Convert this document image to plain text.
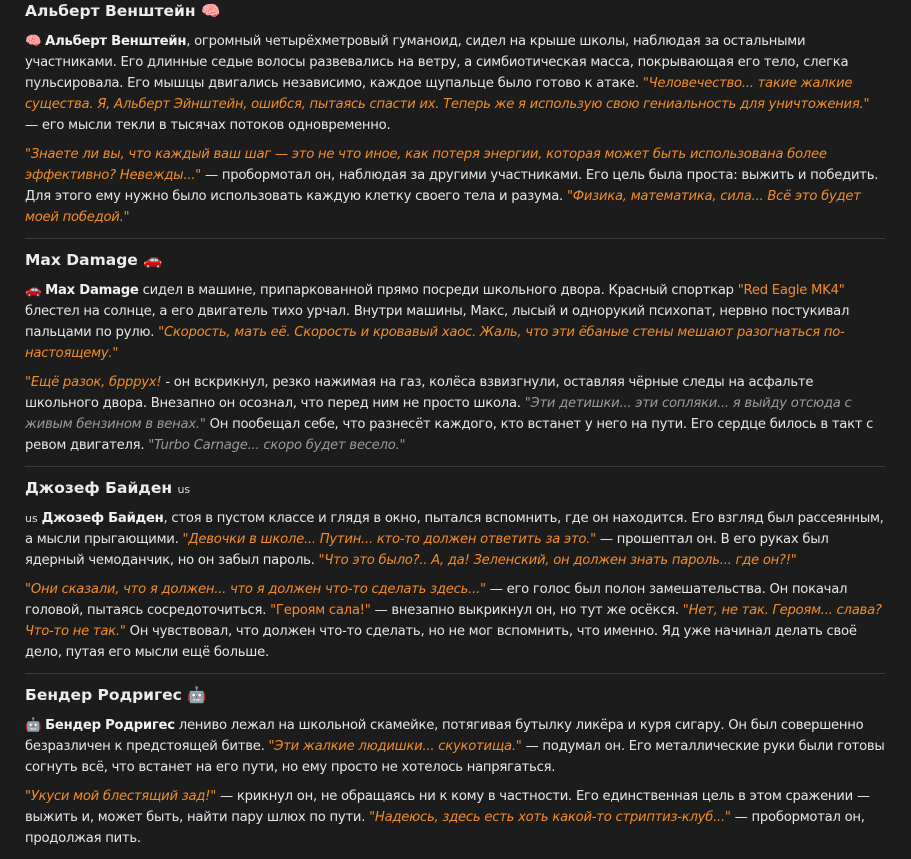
Альберт Венштейн 🧠

🧠 Альберт Венштейн, огромный четырёхметровый гуманоид, сидел на крыше школы, наблюдая за остальными участниками. Его длинные седые волосы развевались на ветру, а симбиотическая масса, покрывающая его тело, слегка пульсировала. Его мышцы двигались независимо, каждое щупальце было готово к атаке. "Человечество... такие жалкие существа. Я, Альберт Эйнштейн, ошибся, пытаясь спасти их. Теперь же я использую свою гениальность для уничтожения." — его мысли текли в тысячах потоков одновременно.

"Знаете ли вы, что каждый ваш шаг — это не что иное, как потеря энергии, которая может быть использована более эффективно? Невежды..." — пробормотал он, наблюдая за другими участниками. Его цель была проста: выжить и победить. Для этого ему нужно было использовать каждую клетку своего тела и разума. "Физика, математика, сила... Всё это будет моей победой."

Max Damage 🚗

🚗 Max Damage сидел в машине, припаркованной прямо посреди школьного двора. Красный спорткар "Red Eagle MK4" блестел на солнце, а его двигатель тихо урчал. Внутри машины, Макс, лысый и однорукий психопат, нервно постукивал пальцами по рулю. "Скорость, мать её. Скорость и кровавый хаос. Жаль, что эти ёбаные стены мешают разогнаться по-настоящему."

"Ещё разок, брррух! - он вскрикнул, резко нажимая на газ, колёса взвизгнули, оставляя чёрные следы на асфальте школьного двора. Внезапно он осознал, что перед ним не просто школа. "Эти детишки... эти сопляки... я выйду отсюда с живым бензином в венах." Он пообещал себе, что разнесёт каждого, кто встанет у него на пути. Его сердце билось в такт с ревом двигателя. "Turbo Carnage... скоро будет весело."

Джозеф Байден us

us Джозеф Байден, стоя в пустом классе и глядя в окно, пытался вспомнить, где он находится. Его взгляд был рассеянным, а мысли прыгающими. "Девочки в школе... Путин... кто-то должен ответить за это." — прошептал он. В его руках был ядерный чемоданчик, но он забыл пароль. "Что это было?.. А, да! Зеленский, он должен знать пароль... где он?!"

"Они сказали, что я должен... что я должен что-то сделать здесь..." — его голос был полон замешательства. Он покачал головой, пытаясь сосредоточиться. "Героям сала!" — внезапно выкрикнул он, но тут же осёкся. "Нет, не так. Героям... слава? Что-то не так." Он чувствовал, что должен что-то сделать, но не мог вспомнить, что именно. Яд уже начинал делать своё дело, путая его мысли ещё больше.

Бендер Родригес 🤖

🤖 Бендер Родригес лениво лежал на школьной скамейке, потягивая бутылку ликёра и куря сигару. Он был совершенно безразличен к предстоящей битве. "Эти жалкие людишки... скукотища." — подумал он. Его металлические руки были готовы согнуть всё, что встанет на его пути, но ему просто не хотелось напрягаться.

"Укуси мой блестящий зад!" — крикнул он, не обращаясь ни к кому в частности. Его единственная цель в этом сражении — выжить и, может быть, найти пару шлюх по пути. "Надеюсь, здесь есть хоть какой-то стриптиз-клуб..." — пробормотал он, продолжая пить.
